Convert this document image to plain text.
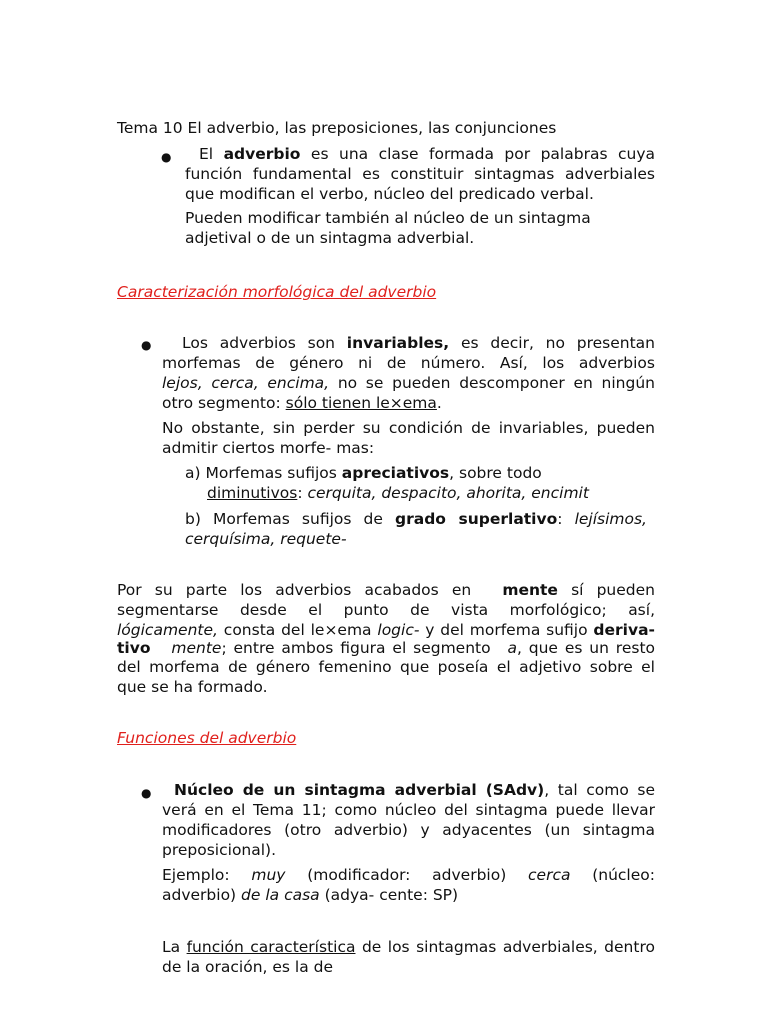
Tema 10 El adverbio, las preposiciones, las conjunciones
●	El adverbio es una clase formada por palabras cuya
función fundamental es constituir sintagmas adverbiales
que modifican el verbo, núcleo del predicado verbal.
Pueden modificar también al núcleo de un sintagma
adjetival o de un sintagma adverbial.
Caracterización morfológica del adverbio
●	Los adverbios son invariables, es decir, no presentan
morfemas de género ni de número. Así, los adverbios
lejos, cerca, encima, no se pueden descomponer en ningún
otro segmento: sólo tienen le×ema.
No obstante, sin perder su condición de invariables, pueden
admitir ciertos morfe- mas:
a) Morfemas sufijos apreciativos, sobre todo
diminutivos: cerquita, despacito, ahorita, encimit
b) Morfemas sufijos de grado superlativo: lejísimos,
cerquísima, requete-
Por su parte los adverbios acabados en mente sí pueden
segmentarse desde el punto de vista morfológico; así,
lógicamente, consta del le×ema logic- y del morfema sufijo deriva-
tivo mente; entre ambos figura el segmento a, que es un resto
del morfema de género femenino que poseía el adjetivo sobre el
que se ha formado.
Funciones del adverbio
●	Núcleo de un sintagma adverbial (SAdv), tal como se
verá en el Tema 11; como núcleo del sintagma puede llevar
modificadores (otro adverbio) y adyacentes (un sintagma
preposicional).
Ejemplo: muy (modificador: adverbio) cerca (núcleo:
adverbio) de la casa (adya- cente: SP)
La función característica de los sintagmas adverbiales, dentro
de la oración, es la de
